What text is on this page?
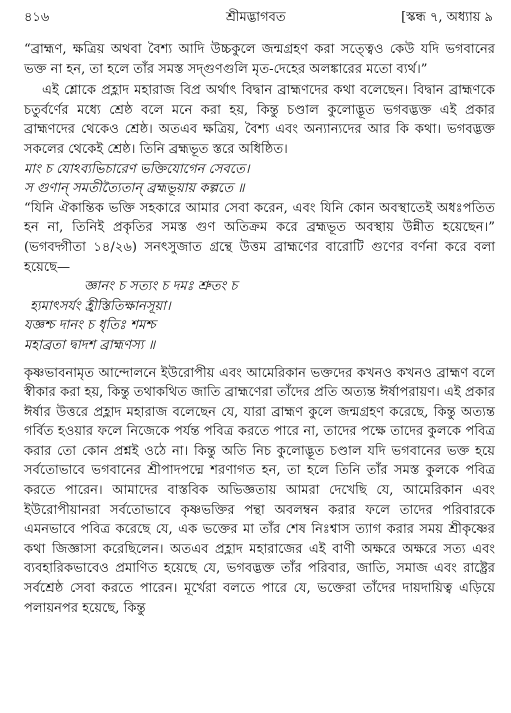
৪১৬	শ্রীমদ্ভাগবত	[স্কন্ধ ৭, অধ্যায় ৯

“ব্রাহ্মণ, ক্ষত্রিয় অথবা বৈশ্য আদি উচ্চকুলে জন্মগ্রহণ করা সত্ত্বেও কেউ যদি ভগবানের ভক্ত না হন, তা হলে তাঁর সমস্ত সদ্গুণগুলি মৃত-দেহের অলঙ্কারের মতো ব্যর্থ।”

এই শ্লোকে প্রহ্লাদ মহারাজ বিপ্র অর্থাৎ বিদ্বান ব্রাহ্মণদের কথা বলেছেন। বিদ্বান ব্রাহ্মণকে চতুর্বর্ণের মধ্যে শ্রেষ্ঠ বলে মনে করা হয়, কিন্তু চণ্ডাল কুলোদ্ভূত ভগবদ্ভক্ত এই প্রকার ব্রাহ্মণদের থেকেও শ্রেষ্ঠ। অতএব ক্ষত্রিয়, বৈশ্য এবং অন্যান্যদের আর কি কথা। ভগবদ্ভক্ত সকলের থেকেই শ্রেষ্ঠ। তিনি ব্রহ্মভূত স্তরে অধিষ্ঠিত।

মাং চ যোঽব্যভিচারেণ ভক্তিযোগেন সেবতে।

স গুণান্ সমতীত্যৈতান্ ব্রহ্মভূয়ায় কল্পতে ॥

“যিনি ঐকান্তিক ভক্তি সহকারে আমার সেবা করেন, এবং যিনি কোন অবস্থাতেই অধঃপতিত হন না, তিনিই প্রকৃতির সমস্ত গুণ অতিক্রম করে ব্রহ্মভূত অবস্থায় উন্নীত হয়েছেন।” (ভগবদ্গীতা ১৪/২৬) সনৎসুজাত গ্রন্থে উত্তম ব্রাহ্মণের বারোটি গুণের বর্ণনা করে বলা হয়েছে—

জ্ঞানং চ সত্যং চ দমঃ শ্রুতং চ

হ্যমাৎসর্যং হ্রীস্তিতিক্ষানসূয়া।

যজ্ঞশ্চ দানং চ ধৃতিঃ শমশ্চ

মহাব্রতা দ্বাদশ ব্রাহ্মণস্য ॥

কৃষ্ণভাবনামৃত আন্দোলনে ইউরোপীয় এবং আমেরিকান ভক্তদের কখনও কখনও ব্রাহ্মণ বলে স্বীকার করা হয়, কিন্তু তথাকথিত জাতি ব্রাহ্মণেরা তাঁদের প্রতি অত্যন্ত ঈর্ষাপরায়ণ। এই প্রকার ঈর্ষার উত্তরে প্রহ্লাদ মহারাজ বলেছেন যে, যারা ব্রাহ্মণ কুলে জন্মগ্রহণ করেছে, কিন্তু অত্যন্ত গর্বিত হওয়ার ফলে নিজেকে পর্যন্ত পবিত্র করতে পারে না, তাদের পক্ষে তাদের কুলকে পবিত্র করার তো কোন প্রশ্নই ওঠে না। কিন্তু অতি নিচ কুলোদ্ভূত চণ্ডাল যদি ভগবানের ভক্ত হয়ে সর্বতোভাবে ভগবানের শ্রীপাদপদ্মে শরণাগত হন, তা হলে তিনি তাঁর সমস্ত কুলকে পবিত্র করতে পারেন। আমাদের বাস্তবিক অভিজ্ঞতায় আমরা দেখেছি যে, আমেরিকান এবং ইউরোপীয়ানরা সর্বতোভাবে কৃষ্ণভক্তির পন্থা অবলম্বন করার ফলে তাদের পরিবারকে এমনভাবে পবিত্র করেছে যে, এক ভক্তের মা তাঁর শেষ নিঃশ্বাস ত্যাগ করার সময় শ্রীকৃষ্ণের কথা জিজ্ঞাসা করেছিলেন। অতএব প্রহ্লাদ মহারাজের এই বাণী অক্ষরে অক্ষরে সত্য এবং ব্যবহারিকভাবেও প্রমাণিত হয়েছে যে, ভগবদ্ভক্ত তাঁর পরিবার, জাতি, সমাজ এবং রাষ্ট্রের সর্বশ্রেষ্ঠ সেবা করতে পারেন। মূর্খেরা বলতে পারে যে, ভক্তেরা তাঁদের দায়দায়িত্ব এড়িয়ে পলায়নপর হয়েছে, কিন্তু
